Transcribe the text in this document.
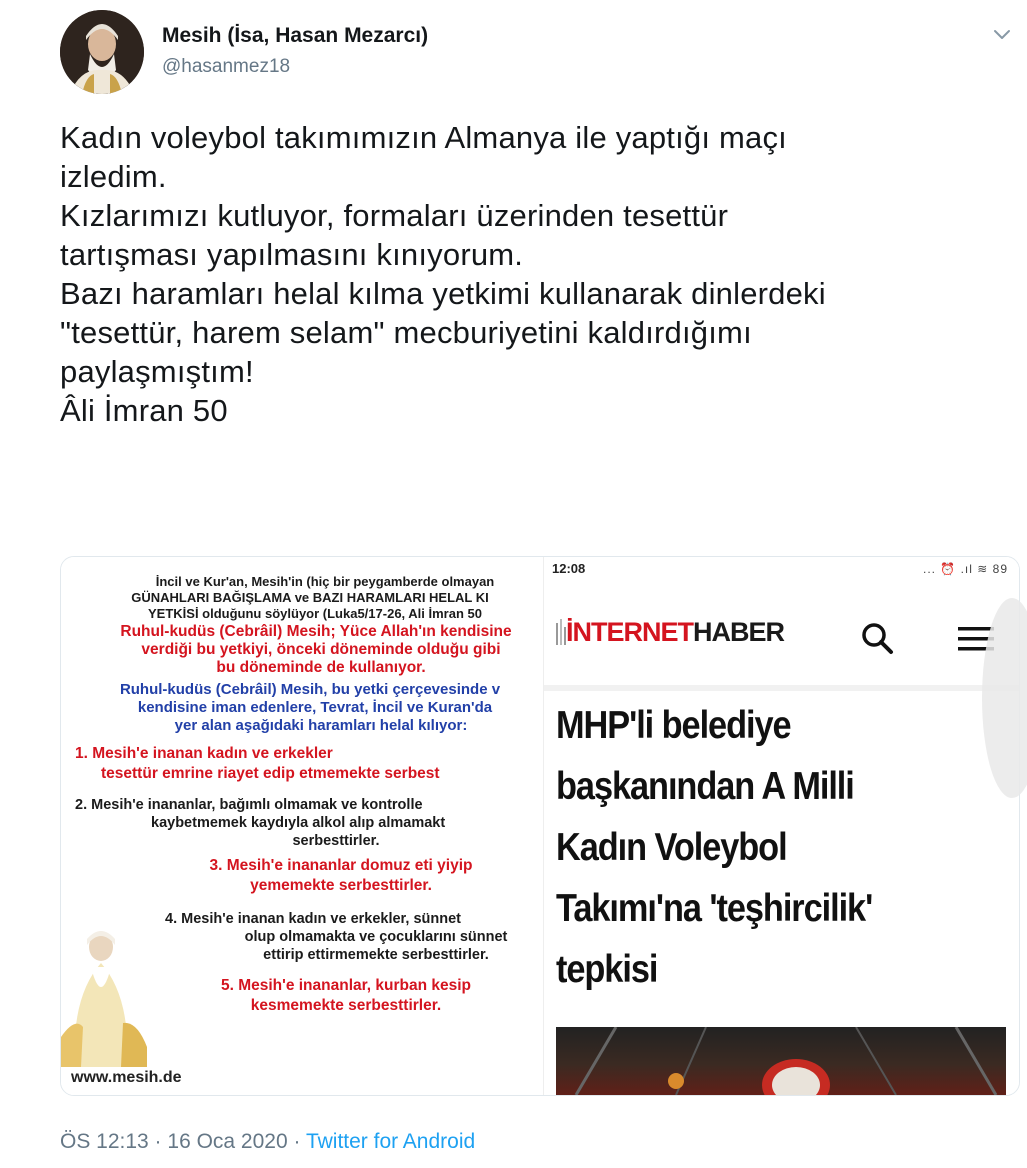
Mesih (İsa, Hasan Mezarcı)
@hasanmez18
Kadın voleybol takımımızın Almanya ile yaptığı maçı
izledim.
Kızlarımızı kutluyor, formaları üzerinden tesettür
tartışması yapılmasını kınıyorum.
Bazı haramları helal kılma yetkimi kullanarak dinlerdeki
"tesettür, harem selam" mecburiyetini kaldırdığımı
paylaşmıştım!
Âli İmran 50
İncil ve Kur'an, Mesih'in (hiç bir peygamberde olmayan
GÜNAHLARI BAĞIŞLAMA ve BAZI HARAMLARI HELAL KI
YETKİSİ olduğunu söylüyor (Luka5/17-26, Ali İmran 50
Ruhul-kudüs (Cebrâil) Mesih; Yüce Allah'ın kendisine
verdiği bu yetkiyi, önceki döneminde olduğu gibi
bu döneminde de kullanıyor.
Ruhul-kudüs (Cebrâil) Mesih, bu yetki çerçevesinde v
kendisine iman edenlere, Tevrat, İncil ve Kuran'da
yer alan aşağıdaki haramları helal kılıyor:
1. Mesih'e inanan kadın ve erkekler
tesettür emrine riayet edip etmemekte serbest
2. Mesih'e inananlar, bağımlı olmamak ve kontrolle
kaybetmemek kaydıyla alkol alıp almamakt
serbesttirler.
3. Mesih'e inananlar domuz eti yiyip
yememekte serbesttirler.
4. Mesih'e inanan kadın ve erkekler, sünnet
olup olmamakta ve çocuklarını sünnet
ettirip ettirmemekte serbesttirler.
5. Mesih'e inananlar, kurban kesip
kesmemekte serbesttirler.
www.mesih.de
12:08	... ⏰ .ıl ≋ 89
İNTERNETHABER
MHP'li belediye
başkanından A Milli
Kadın Voleybol
Takımı'na 'teşhircilik'
tepkisi
ÖS 12:13 · 16 Oca 2020 · Twitter for Android
